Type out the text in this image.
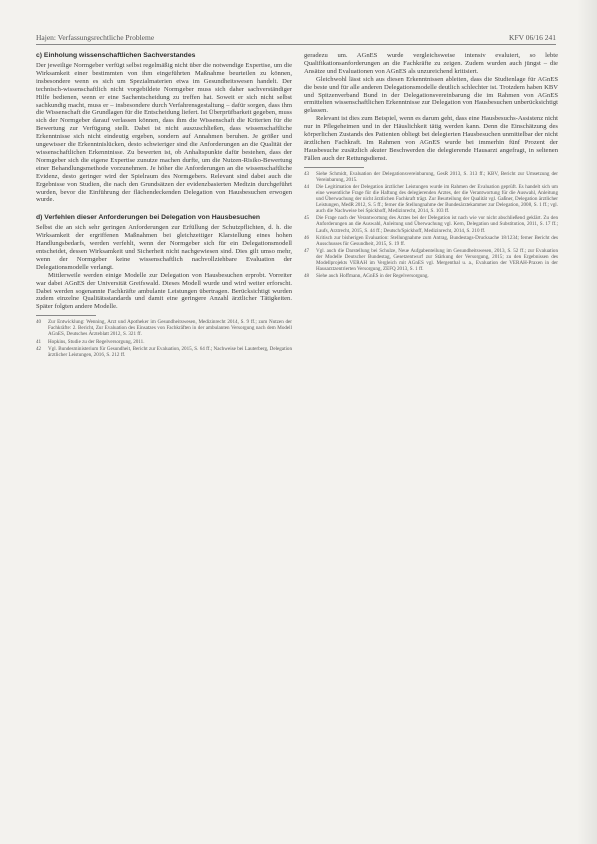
Hajen: Verfassungsrechtliche Probleme	KFV 06/16 241
c) Einholung wissenschaftlichen Sachverstandes

Der jeweilige Normgeber verfügt selbst regelmäßig nicht über die notwendige Expertise, um die Wirksamkeit einer bestimmten von ihm eingeführten Maßnahme beurteilen zu können, insbesondere wenn es sich um Spezialmaterien etwa im Gesundheitswesen handelt. Der technisch-wissenschaftlich nicht vorgebildete Normgeber muss sich daher sachverständiger Hilfe bedienen, wenn er eine Sachentscheidung zu treffen hat. Soweit er sich nicht selbst sachkundig macht, muss er – insbesondere durch Verfahrensgestaltung – dafür sorgen, dass ihm die Wissenschaft die Grundlagen für die Entscheidung liefert. Ist Überprüfbarkeit gegeben, muss sich der Normgeber darauf verlassen können, dass ihm die Wissenschaft die Kriterien für die Bewertung zur Verfügung stellt. Dabei ist nicht auszuschließen, dass wissenschaftliche Erkenntnisse sich nicht eindeutig ergeben, sondern auf Annahmen beruhen. Je größer und ungewisser die Erkenntnislücken, desto schwieriger sind die Anforderungen an die Qualität der wissenschaftlichen Erkenntnisse. Zu bewerten ist, ob Anhaltspunkte dafür bestehen, dass der Normgeber sich die eigene Expertise zunutze machen durfte, um die Nutzen-Risiko-Bewertung einer Behandlungsmethode vorzunehmen. Je höher die Anforderungen an die wissenschaftliche Evidenz, desto geringer wird der Spielraum des Normgebers. Relevant sind dabei auch die Ergebnisse von Studien, die nach den Grundsätzen der evidenzbasierten Medizin durchgeführt wurden, bevor die Einführung der flächendeckenden Delegation von Hausbesuchen erwogen wurde.

d) Verfehlen dieser Anforderungen bei Delegation von Hausbesuchen

Selbst die an sich sehr geringen Anforderungen zur Erfüllung der Schutzpflichten, d. h. die Wirksamkeit der ergriffenen Maßnahmen bei gleichzeitiger Klarstellung eines hohen Handlungsbedarfs, werden verfehlt, wenn der Normgeber sich für ein Delegationsmodell entscheidet, dessen Wirksamkeit und Sicherheit nicht nachgewiesen sind. Dies gilt umso mehr, wenn der Normgeber keine wissenschaftlich nachvollziehbare Evaluation der Delegationsmodelle verlangt.

Mittlerweile werden einige Modelle zur Delegation von Hausbesuchen erprobt. Vorreiter war dabei AGnES der Universität Greifswald. Dieses Modell wurde und wird weiter erforscht. Dabei werden sogenannte Fachkräfte ambulante Leistungen übertragen. Berücksichtigt wurden zudem einzelne Qualitätsstandards und damit eine geringere Anzahl ärztlicher Tätigkeiten. Später folgten andere Modelle.

40	Zur Entwicklung: Wenning, Arzt und Apotheker im Gesundheitswesen, Medizinrecht 2014, S. 9 ff.; zum Nutzen der Fachkräfte: 2. Bericht, Zur Evaluation des Einsatzes von Fachkräften in der ambulanten Versorgung nach dem Modell AGnES, Deutsches Ärzteblatt 2012, S. 321 ff.
41	Hopkins, Studie zu der Regelversorgung, 2011.
42	Vgl. Bundesministerium für Gesundheit, Bericht zur Evaluation, 2015, S. 64 ff.; Nachweise bei Lauterberg, Delegation ärztlicher Leistungen, 2016, S. 212 ff.

geradezu um. AGnES wurde vergleichsweise intensiv evaluiert, so lebte Qualifikationsanforderungen an die Fachkräfte zu zeigen. Zudem wurden auch jüngst – die Ansätze und Evaluationen von AGnES als unzureichend kritisiert.

Gleichwohl lässt sich aus diesen Erkenntnissen ableiten, dass die Studienlage für AGnES die beste und für alle anderen Delegationsmodelle deutlich schlechter ist. Trotzdem haben KBV und Spitzenverband Bund in der Delegationsvereinbarung die im Rahmen von AGnES ermittelten wissenschaftlichen Erkenntnisse zur Delegation von Hausbesuchen unberücksichtigt gelassen.

Relevant ist dies zum Beispiel, wenn es darum geht, dass eine Hausbesuchs-Assistenz nicht nur in Pflegeheimen und in der Häuslichkeit tätig werden kann. Denn die Einschätzung des körperlichen Zustands des Patienten obliegt bei delegierten Hausbesuchen unmittelbar der nicht ärztlichen Fachkraft. Im Rahmen von AGnES wurde bei immerhin fünf Prozent der Hausbesuche zusätzlich akuter Beschwerden die delegierende Hausarzt angefragt, in seltenen Fällen auch der Rettungsdienst.

43	Siehe Schmidt, Evaluation der Delegationsvereinbarung, GesR 2013, S. 313 ff.; KBV, Bericht zur Umsetzung der Vereinbarung, 2015.
44	Die Legitimation der Delegation ärztlicher Leistungen wurde im Rahmen der Evaluation geprüft. Es handelt sich um eine wesentliche Frage für die Haftung des delegierenden Arztes, der die Verantwortung für die Auswahl, Anleitung und Überwachung der nicht ärztlichen Fachkraft trägt. Zur Beurteilung der Qualität vgl. Gaßner, Delegation ärztlicher Leistungen, MedR 2012, S. 5 ff.; ferner die Stellungnahme der Bundesärztekammer zur Delegation, 2008, S. 1 ff.; vgl. auch die Nachweise bei Spickhoff, Medizinrecht, 2014, S. 103 ff.
45	Die Frage nach der Verantwortung des Arztes bei der Delegation ist nach wie vor nicht abschließend geklärt. Zu den Anforderungen an die Auswahl, Anleitung und Überwachung vgl. Kern, Delegation und Substitution, 2011, S. 17 ff.; Laufs, Arztrecht, 2015, S. 44 ff.; Deutsch/Spickhoff, Medizinrecht, 2014, S. 210 ff.
46	Kritisch zur bisherigen Evaluation: Stellungnahme zum Antrag, Bundestags-Drucksache 18/1234; ferner Bericht des Ausschusses für Gesundheit, 2015, S. 19 ff.
47	Vgl. auch die Darstellung bei Schulze, Neue Aufgabenteilung im Gesundheitswesen, 2013, S. 52 ff.; zur Evaluation der Modelle Deutscher Bundestag, Gesetzentwurf zur Stärkung der Versorgung, 2015; zu den Ergebnissen des Modellprojekts VERAH im Vergleich mit AGnES vgl. Mergenthal u. a., Evaluation der VERAH-Praxen in der Hausarztzentrierten Versorgung, ZEFQ 2013, S. 1 ff.
48	Siehe auch Hoffmann, AGnES in der Regelversorgung.
